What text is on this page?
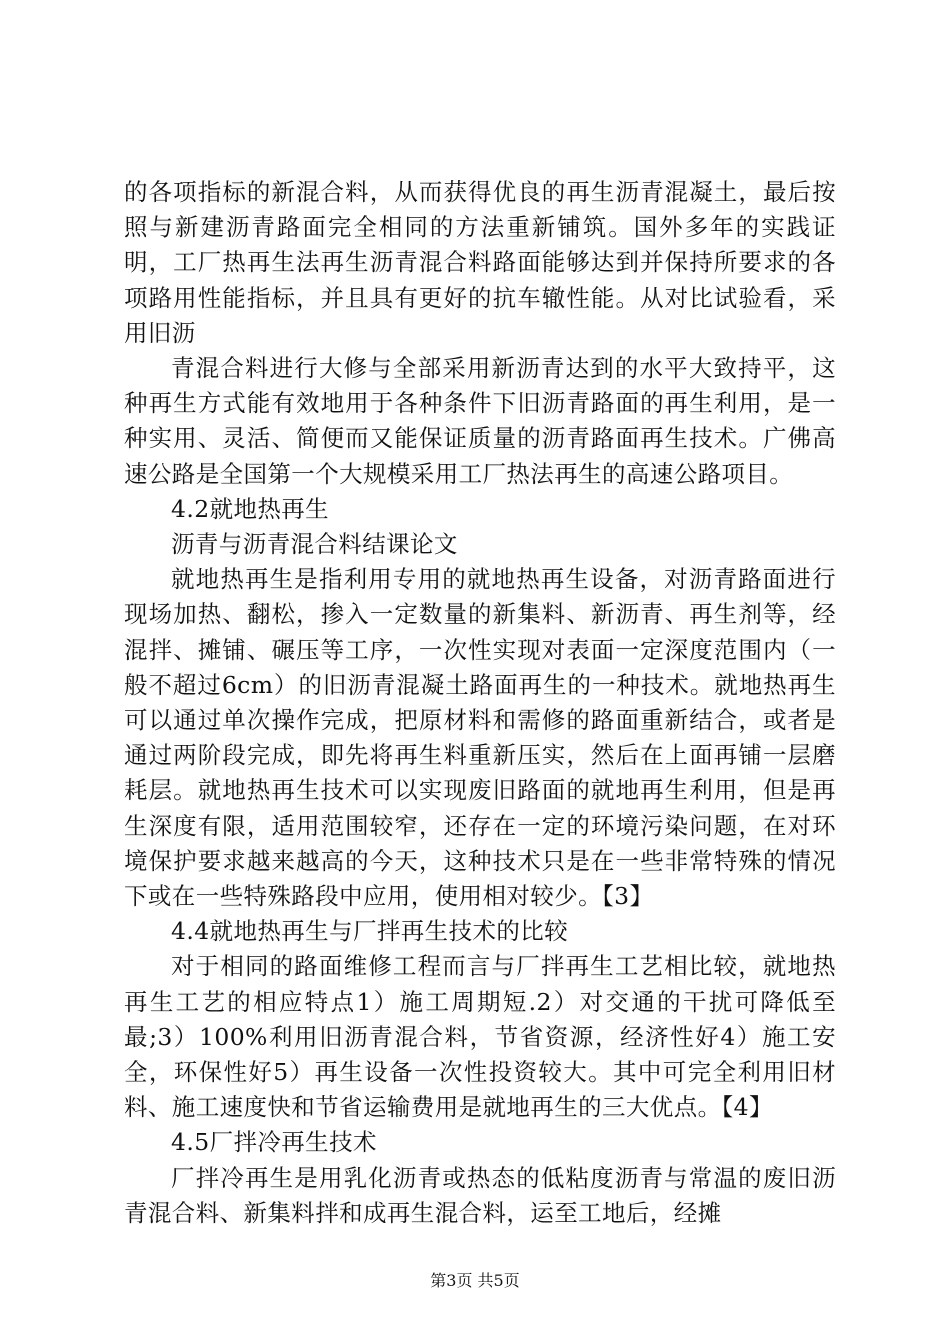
的各项指标的新混合料，从而获得优良的再生沥青混凝土，最后按照与新建沥青路面完全相同的方法重新铺筑。国外多年的实践证明，工厂热再生法再生沥青混合料路面能够达到并保持所要求的各项路用性能指标，并且具有更好的抗车辙性能。从对比试验看，采用旧沥

青混合料进行大修与全部采用新沥青达到的水平大致持平，这种再生方式能有效地用于各种条件下旧沥青路面的再生利用，是一种实用、灵活、简便而又能保证质量的沥青路面再生技术。广佛高速公路是全国第一个大规模采用工厂热法再生的高速公路项目。

4.2就地热再生

沥青与沥青混合料结课论文

就地热再生是指利用专用的就地热再生设备，对沥青路面进行现场加热、翻松，掺入一定数量的新集料、新沥青、再生剂等，经混拌、摊铺、碾压等工序，一次性实现对表面一定深度范围内（一般不超过6cm）的旧沥青混凝土路面再生的一种技术。就地热再生可以通过单次操作完成，把原材料和需修的路面重新结合，或者是通过两阶段完成，即先将再生料重新压实，然后在上面再铺一层磨耗层。就地热再生技术可以实现废旧路面的就地再生利用，但是再生深度有限，适用范围较窄，还存在一定的环境污染问题，在对环境保护要求越来越高的今天，这种技术只是在一些非常特殊的情况下或在一些特殊路段中应用，使用相对较少。【3】

4.4就地热再生与厂拌再生技术的比较

对于相同的路面维修工程而言与厂拌再生工艺相比较，就地热再生工艺的相应特点1）施工周期短.2）对交通的干扰可降低至最;3）100%利用旧沥青混合料，节省资源，经济性好4）施工安全，环保性好5）再生设备一次性投资较大。其中可完全利用旧材料、施工速度快和节省运输费用是就地再生的三大优点。【4】

4.5厂拌冷再生技术

厂拌冷再生是用乳化沥青或热态的低粘度沥青与常温的废旧沥青混合料、新集料拌和成再生混合料，运至工地后，经摊

第3页 共5页
